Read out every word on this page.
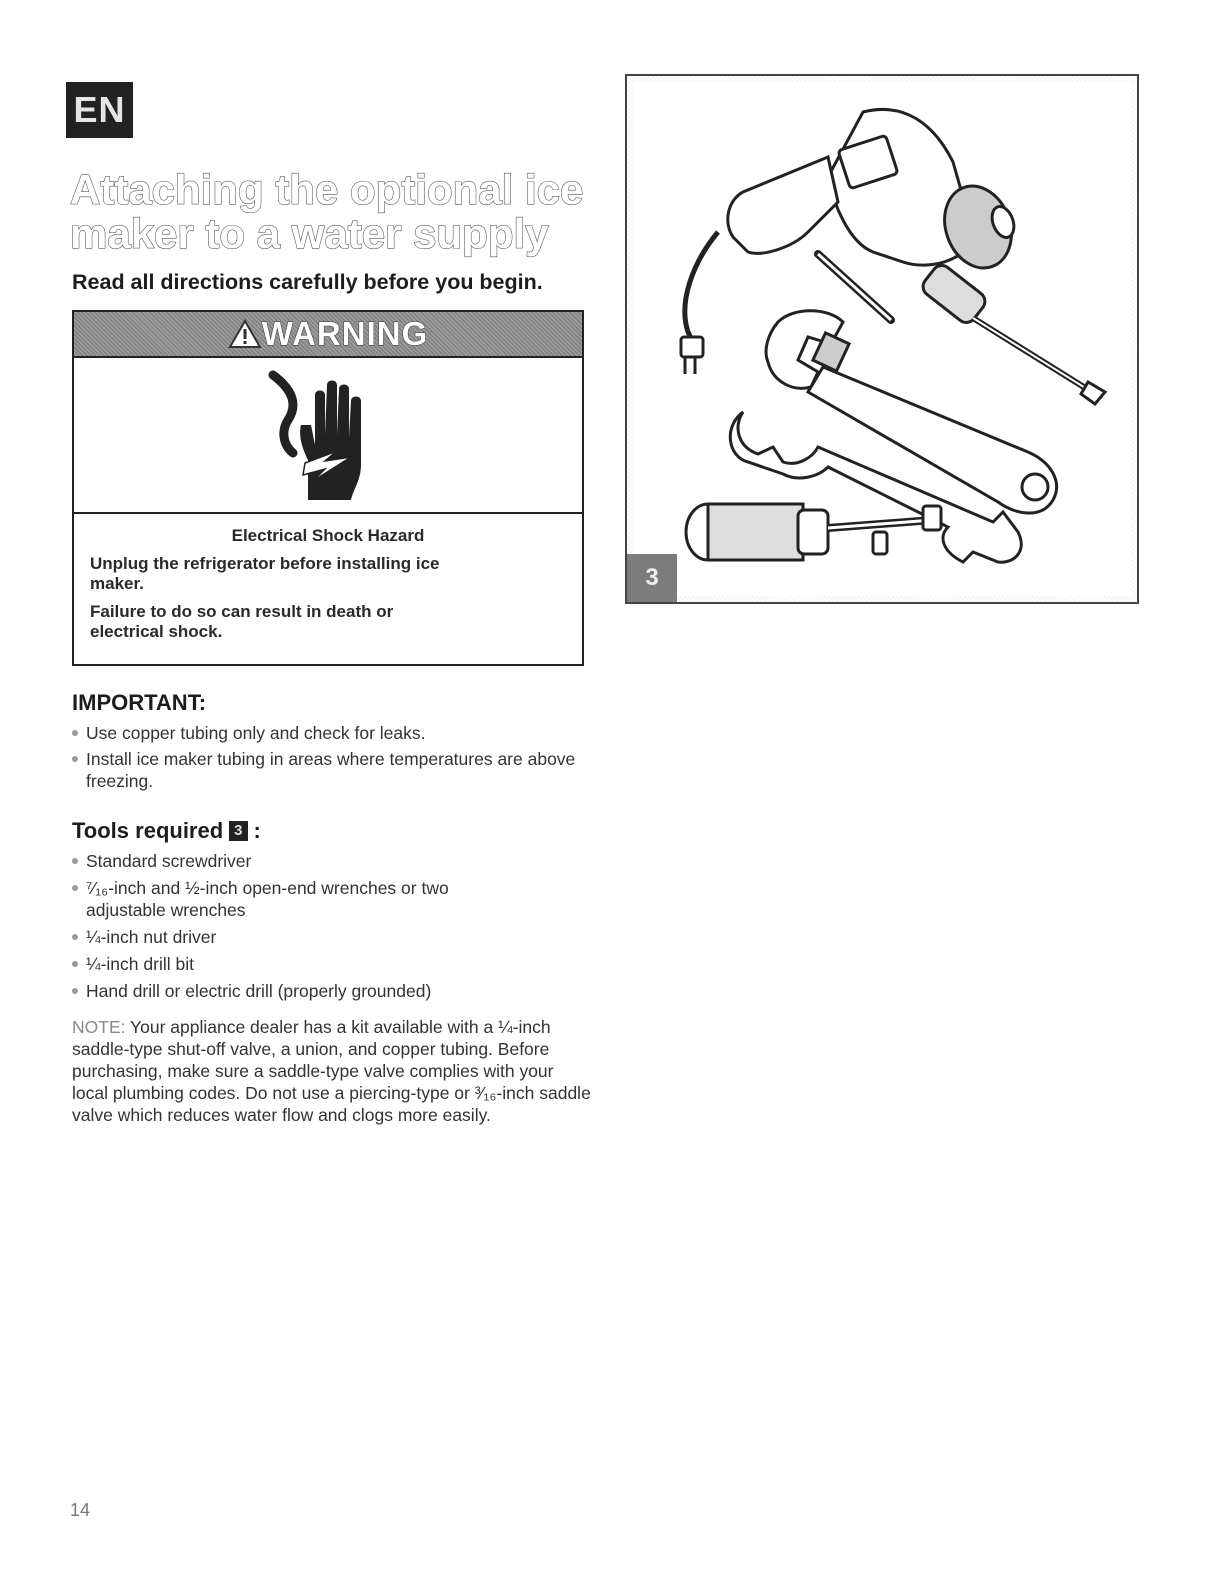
EN
Attaching the optional ice
maker to a water supply
Read all directions carefully before you begin.
WARNING
Electrical Shock Hazard

Unplug the refrigerator before installing ice maker.

Failure to do so can result in death or electrical shock.

IMPORTANT:
Use copper tubing only and check for leaks.
Install ice maker tubing in areas where temperatures are above freezing.
Tools required 3 :
Standard screwdriver
⁷⁄₁₆-inch and ½-inch open-end wrenches or two adjustable wrenches
¼-inch nut driver
¼-inch drill bit
Hand drill or electric drill (properly grounded)
NOTE: Your appliance dealer has a kit available with a ¼-inch saddle-type shut-off valve, a union, and copper tubing. Before purchasing, make sure a saddle-type valve complies with your local plumbing codes. Do not use a piercing-type or ³⁄₁₆-inch saddle valve which reduces water flow and clogs more easily.
3
14
